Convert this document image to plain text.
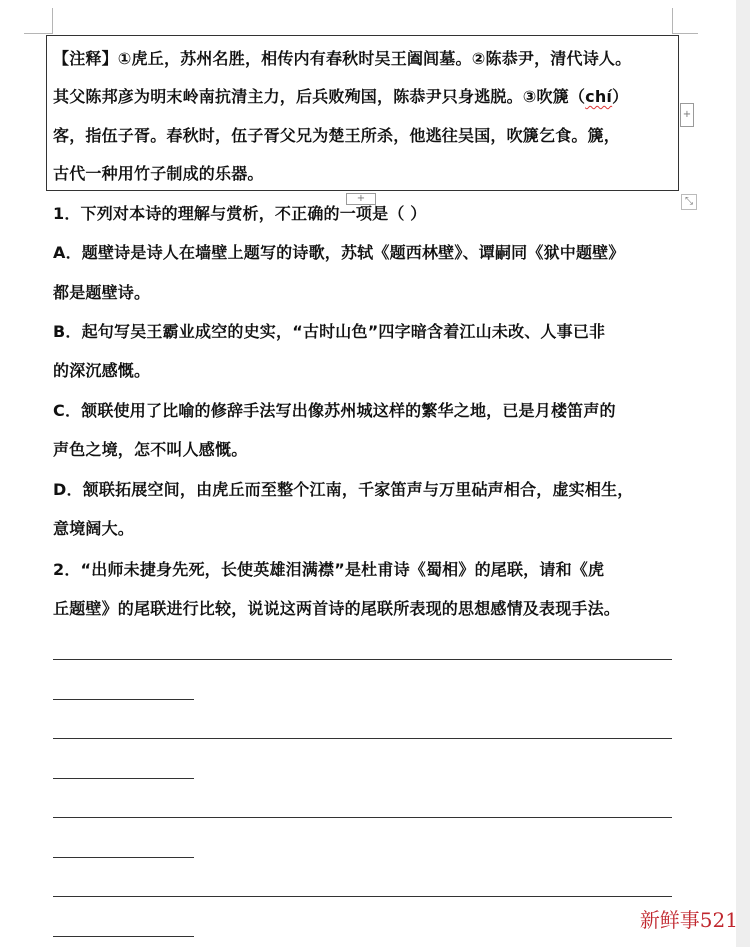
【注释】①虎丘，苏州名胜，相传内有春秋时吴王阖闾墓。②陈恭尹，清代诗人。
其父陈邦彦为明末岭南抗清主力，后兵败殉国，陈恭尹只身逃脱。③吹篪（chí）
客，指伍子胥。春秋时，伍子胥父兄为楚王所杀，他逃往吴国，吹篪乞食。篪，
古代一种用竹子制成的乐器。
+
+	⤡
1．下列对本诗的理解与赏析，不正确的一项是（ ）
A．题壁诗是诗人在墙壁上题写的诗歌，苏轼《题西林壁》、谭嗣同《狱中题壁》
都是题壁诗。
B．起句写吴王霸业成空的史实，“古时山色”四字暗含着江山未改、人事已非
的深沉感慨。
C．颔联使用了比喻的修辞手法写出像苏州城这样的繁华之地，已是月楼笛声的
声色之境，怎不叫人感慨。
D．颔联拓展空间，由虎丘而至整个江南，千家笛声与万里砧声相合，虚实相生，
意境阔大。
2．“出师未捷身先死，长使英雄泪满襟”是杜甫诗《蜀相》的尾联，请和《虎
丘题壁》的尾联进行比较，说说这两首诗的尾联所表现的思想感情及表现手法。
新鲜事521
